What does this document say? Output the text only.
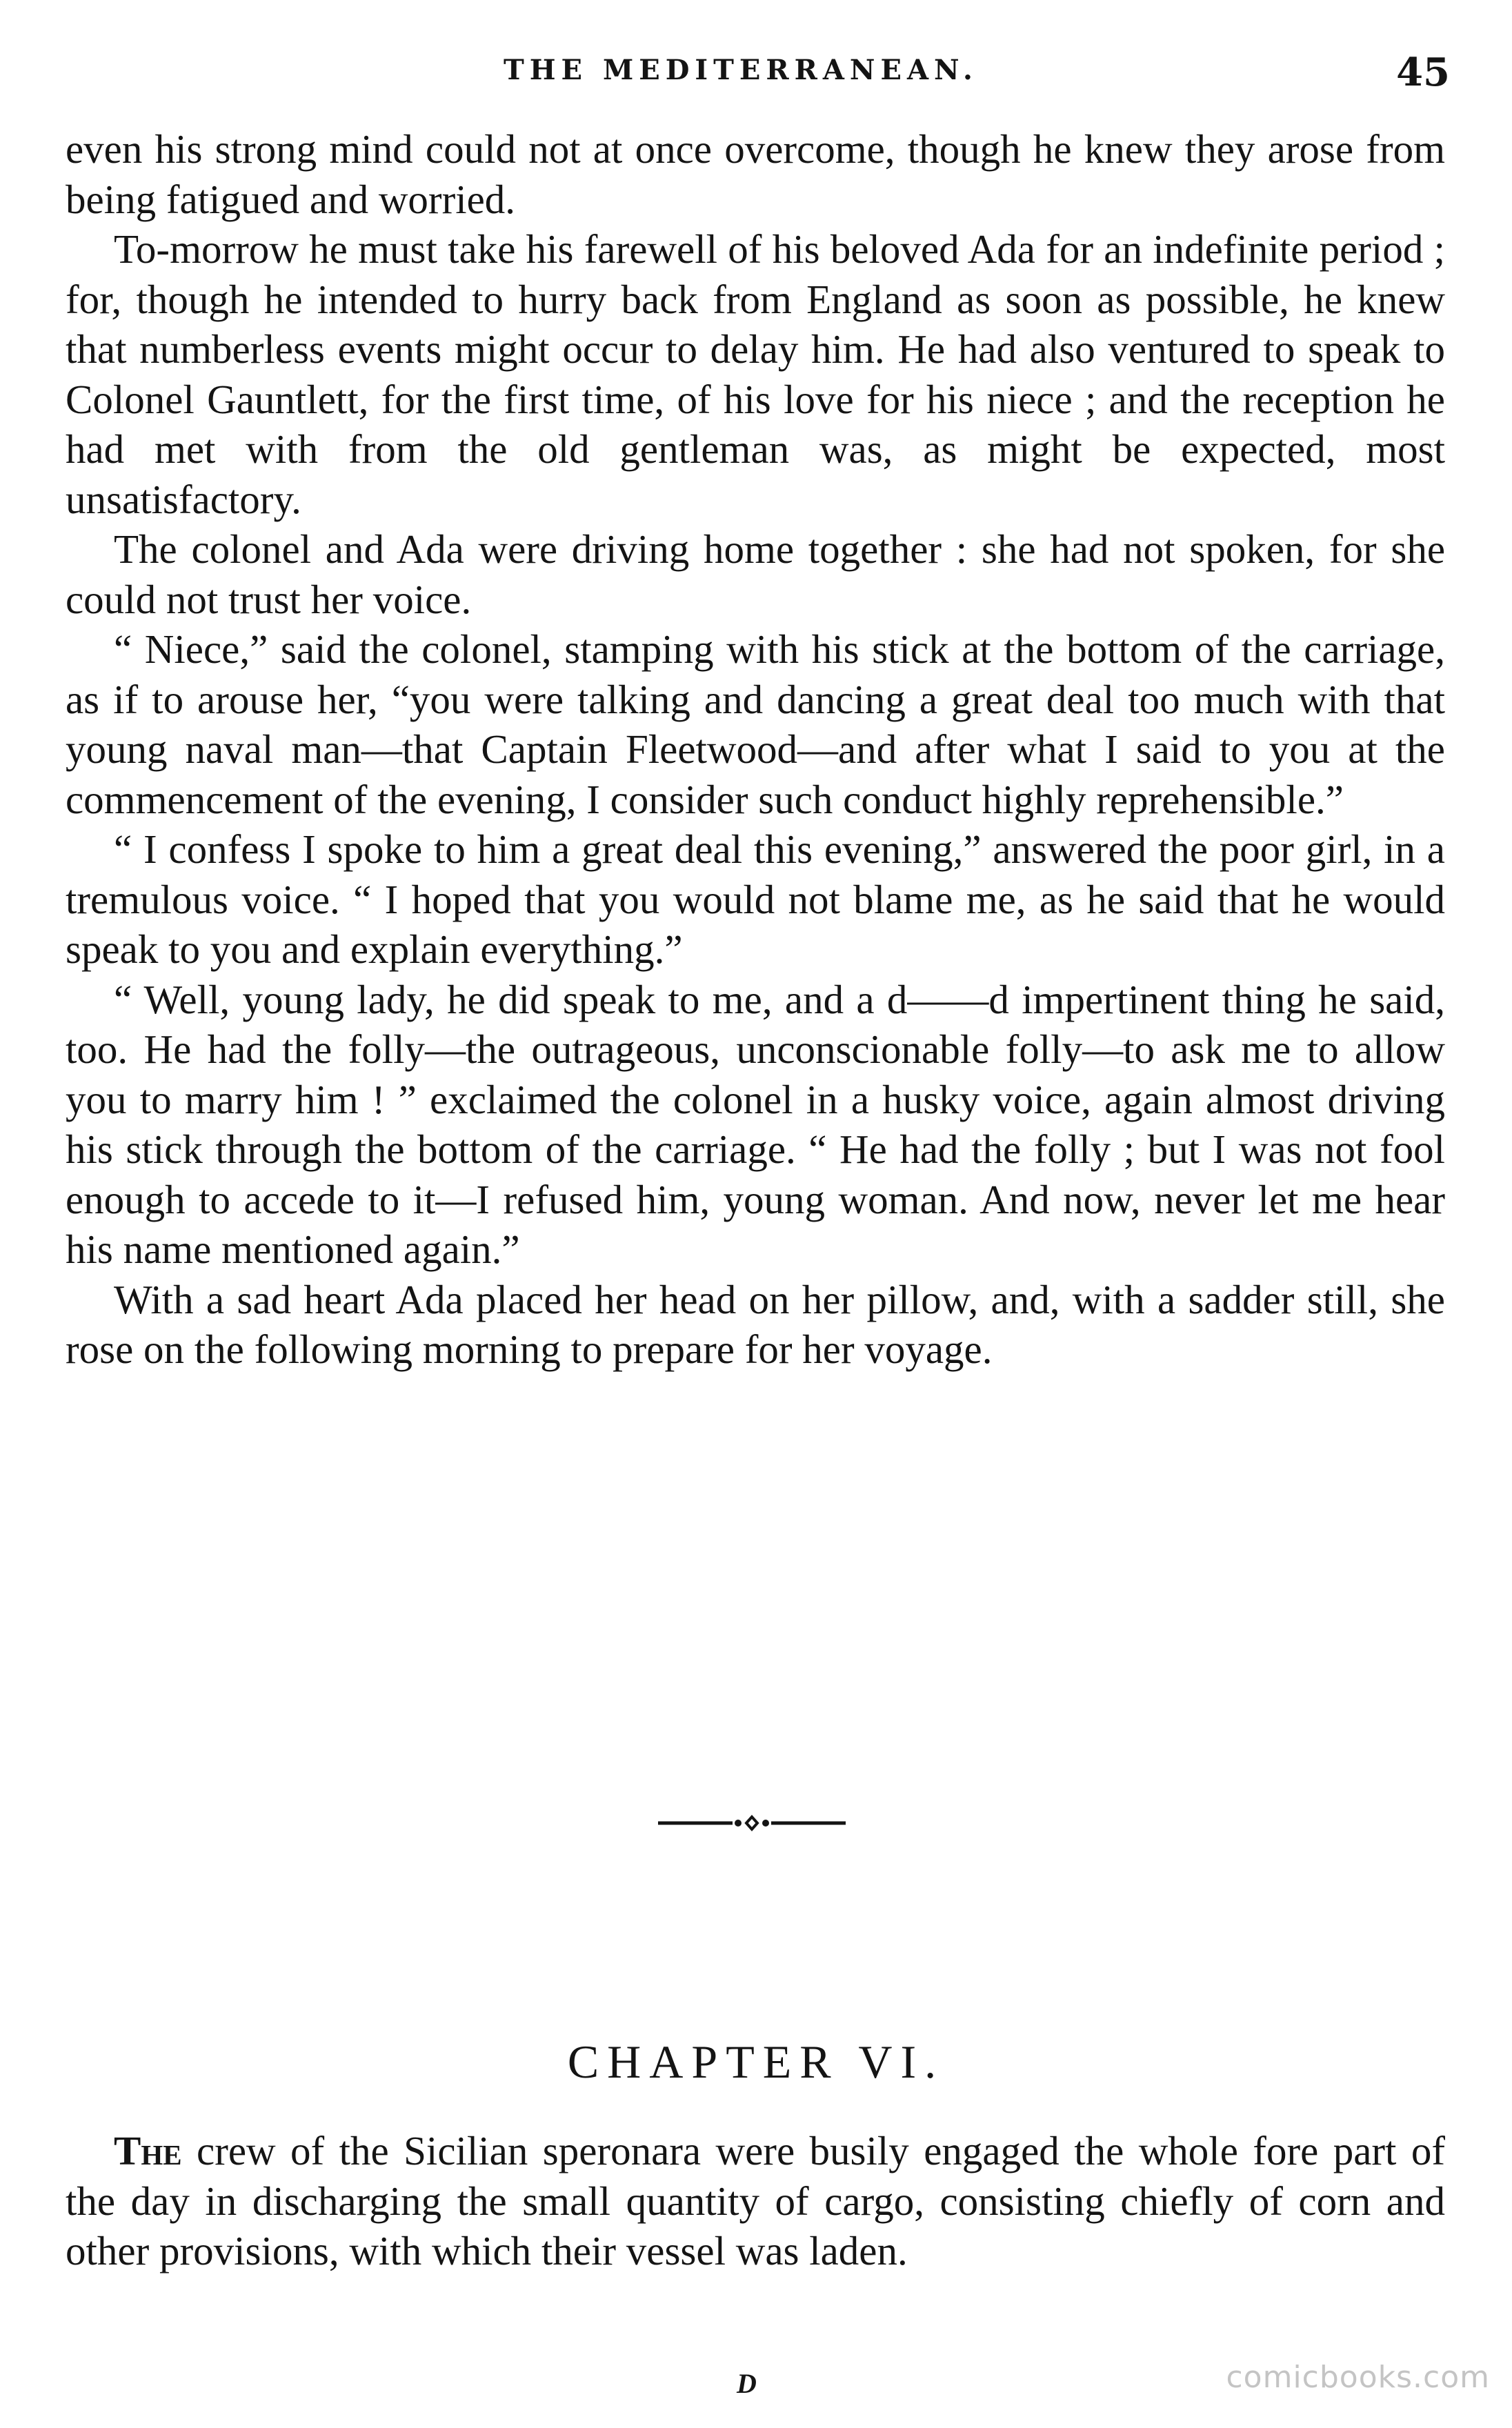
THE MEDITERRANEAN.	45

even his strong mind could not at once overcome, though he knew they arose from being fatigued and worried.

To-morrow he must take his farewell of his beloved Ada for an indefinite period ; for, though he intended to hurry back from England as soon as possible, he knew that numberless events might occur to delay him. He had also ventured to speak to Colonel Gauntlett, for the first time, of his love for his niece ; and the reception he had met with from the old gentleman was, as might be expected, most unsatisfactory.

The colonel and Ada were driving home together : she had not spoken, for she could not trust her voice.

“ Niece,” said the colonel, stamping with his stick at the bottom of the carriage, as if to arouse her, “you were talking and dancing a great deal too much with that young naval man—that Captain Fleetwood—and after what I said to you at the commencement of the evening, I consider such conduct highly reprehensible.”

“ I confess I spoke to him a great deal this evening,” answered the poor girl, in a tremulous voice. “ I hoped that you would not blame me, as he said that he would speak to you and explain everything.”

“ Well, young lady, he did speak to me, and a d——d impertinent thing he said, too. He had the folly—the outrageous, unconscionable folly—to ask me to allow you to marry him ! ” exclaimed the colonel in a husky voice, again almost driving his stick through the bottom of the carriage. “ He had the folly ; but I was not fool enough to accede to it—I refused him, young woman. And now, never let me hear his name mentioned again.”

With a sad heart Ada placed her head on her pillow, and, with a sadder still, she rose on the following morning to prepare for her voyage.

CHAPTER VI.

The crew of the Sicilian speronara were busily engaged the whole fore part of the day in discharging the small quantity of cargo, consisting chiefly of corn and other provisions, with which their vessel was laden.

D	comicbooks.com
